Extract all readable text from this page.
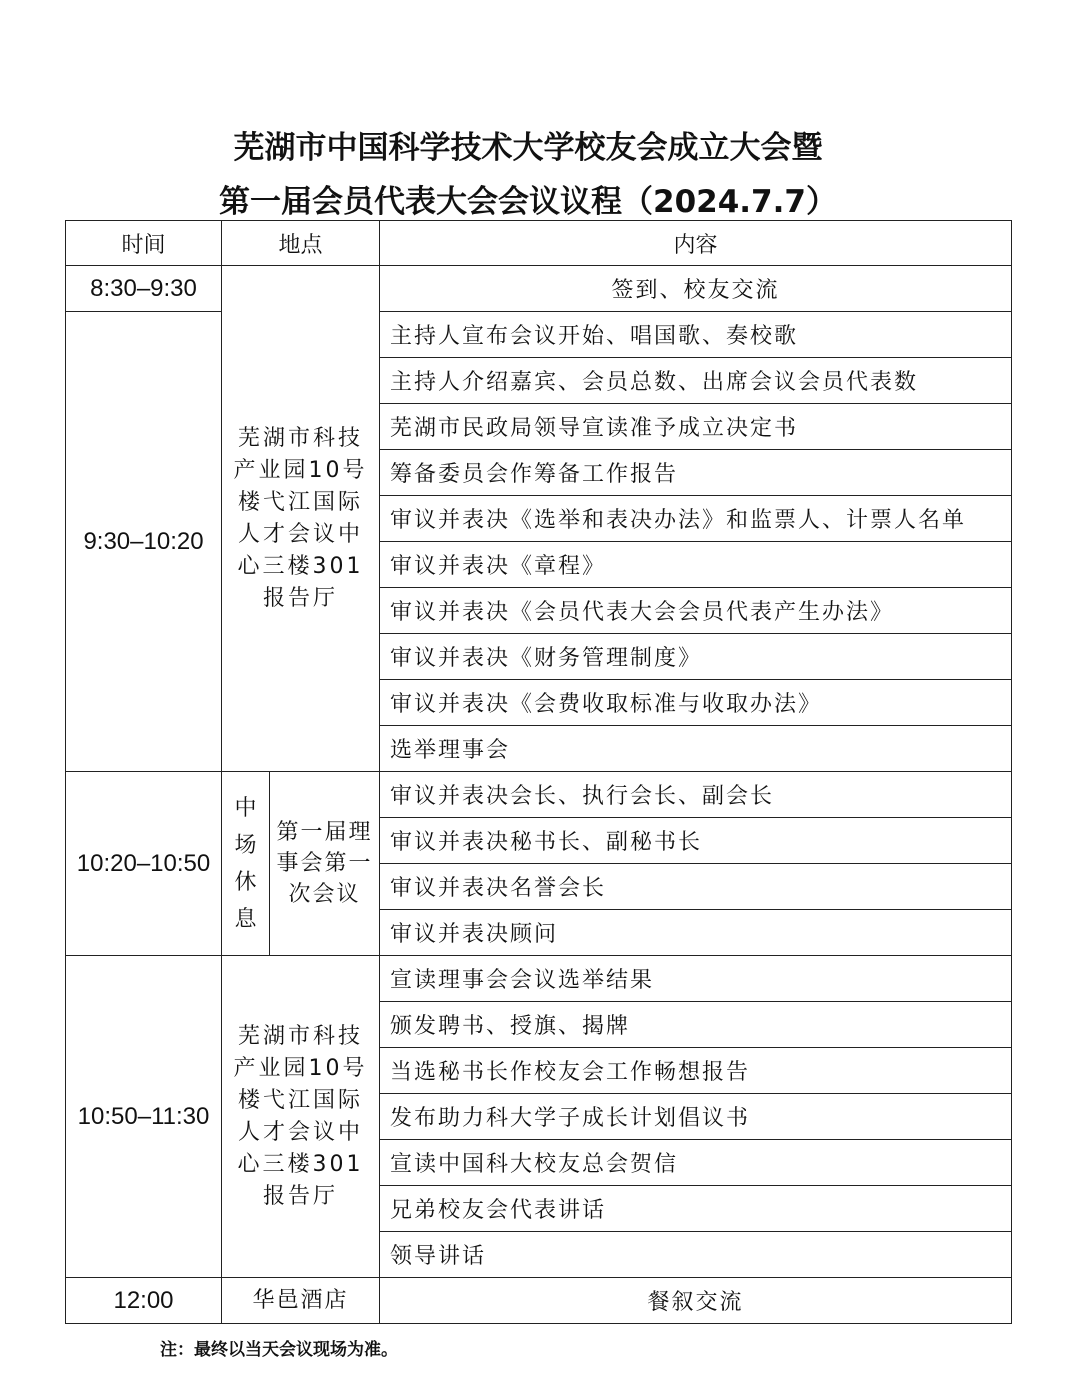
芜湖市中国科学技术大学校友会成立大会暨
第一届会员代表大会会议议程（2024.7.7）
时间	地点		内容
8:30–9:30	芜湖市科技产业园10号楼弋江国际人才会议中心三楼301报告厅		签到、校友交流
9:30–10:20			主持人宣布会议开始、唱国歌、奏校歌
			主持人介绍嘉宾、会员总数、出席会议会员代表数
			芜湖市民政局领导宣读准予成立决定书
			筹备委员会作筹备工作报告
			审议并表决《选举和表决办法》和监票人、计票人名单
			审议并表决《章程》
			审议并表决《会员代表大会会员代表产生办法》
			审议并表决《财务管理制度》
			审议并表决《会费收取标准与收取办法》
			选举理事会
10:20–10:50	中场休息	第一届理事会第一次会议	审议并表决会长、执行会长、副会长
			审议并表决秘书长、副秘书长
			审议并表决名誉会长
			审议并表决顾问
10:50–11:30	芜湖市科技产业园10号楼弋江国际人才会议中心三楼301报告厅		宣读理事会会议选举结果
			颁发聘书、授旗、揭牌
			当选秘书长作校友会工作畅想报告
			发布助力科大学子成长计划倡议书
			宣读中国科大校友总会贺信
			兄弟校友会代表讲话
			领导讲话
12:00	华邑酒店		餐叙交流
注：最终以当天会议现场为准。
